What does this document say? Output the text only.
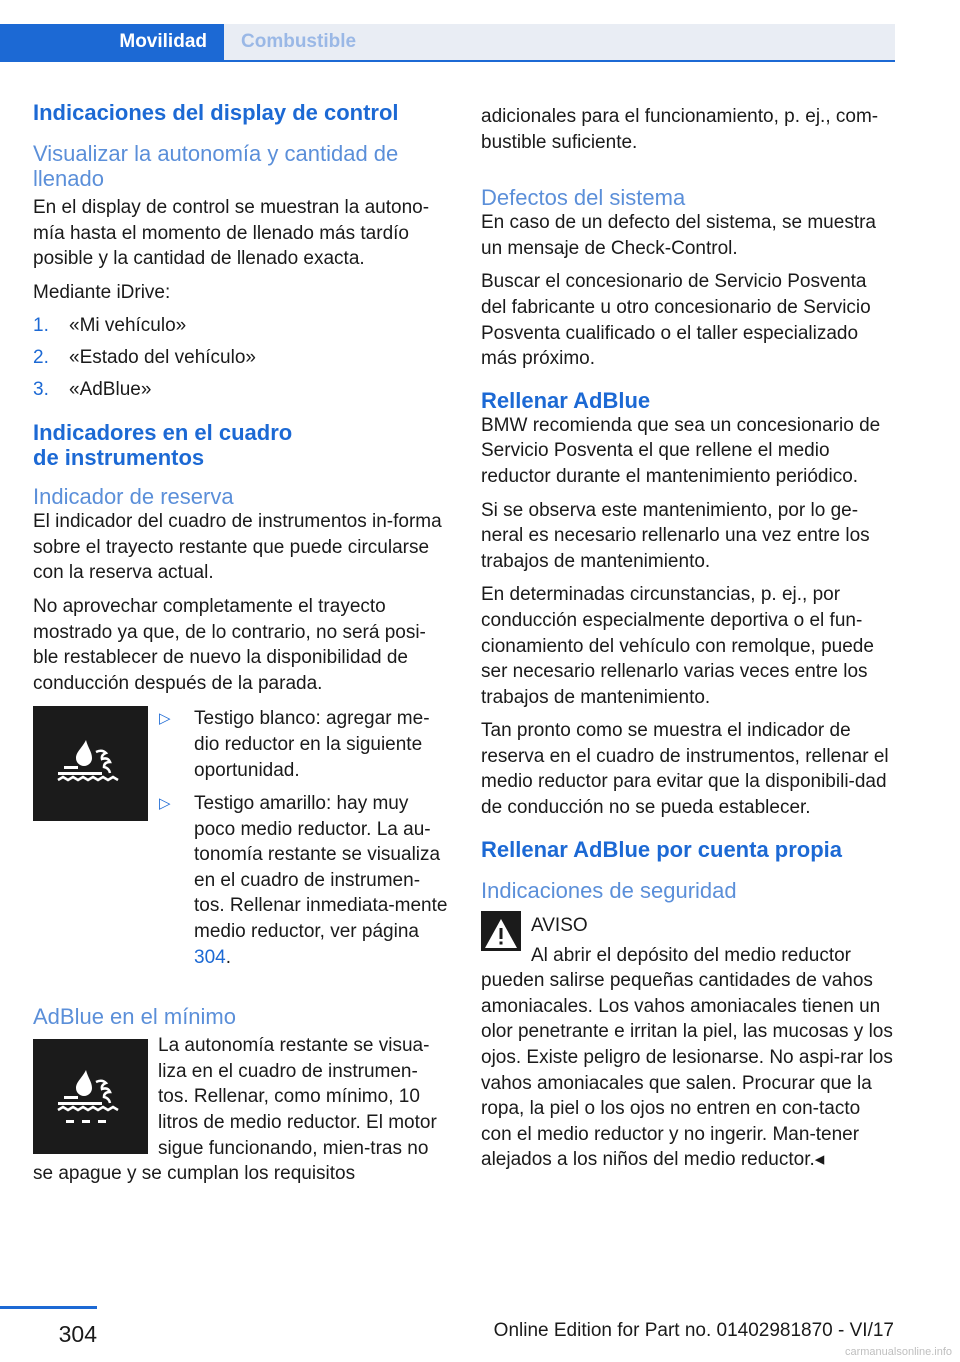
Movilidad	Combustible
Indicaciones del display de control
Visualizar la autonomía y cantidad de llenado

En el display de control se muestran la autono-mía hasta el momento de llenado más tardío posible y la cantidad de llenado exacta.

Mediante iDrive:

1.	«Mi vehículo»
2.	«Estado del vehículo»
3.	«AdBlue»
Indicadores en el cuadro
de instrumentos
Indicador de reserva

El indicador del cuadro de instrumentos in-forma sobre el trayecto restante que puede circularse con la reserva actual.

No aprovechar completamente el trayecto mostrado ya que, de lo contrario, no será posi-ble restablecer de nuevo la disponibilidad de conducción después de la parada.

▷	Testigo blanco: agregar me-dio reductor en la siguiente oportunidad.
▷	Testigo amarillo: hay muy poco medio reductor. La au-tonomía restante se visualiza en el cuadro de instrumen-tos. Rellenar inmediata-mente medio reductor, ver página 304.
AdBlue en el mínimo

La autonomía restante se visua-liza en el cuadro de instrumen-tos. Rellenar, como mínimo, 10 litros de medio reductor. El motor sigue funcionando, mien-tras no se apague y se cumplan los requisitos

adicionales para el funcionamiento, p. ej., com-bustible suficiente.

Defectos del sistema

En caso de un defecto del sistema, se muestra un mensaje de Check-Control.

Buscar el concesionario de Servicio Posventa del fabricante u otro concesionario de Servicio Posventa cualificado o el taller especializado más próximo.

Rellenar AdBlue

BMW recomienda que sea un concesionario de Servicio Posventa el que rellene el medio reductor durante el mantenimiento periódico.

Si se observa este mantenimiento, por lo ge-neral es necesario rellenarlo una vez entre los trabajos de mantenimiento.

En determinadas circunstancias, p. ej., por conducción especialmente deportiva o el fun-cionamiento del vehículo con remolque, puede ser necesario rellenarlo varias veces entre los trabajos de mantenimiento.

Tan pronto como se muestra el indicador de reserva en el cuadro de instrumentos, rellenar el medio reductor para evitar que la disponibili-dad de conducción no se pueda establecer.

Rellenar AdBlue por cuenta propia
Indicaciones de seguridad
AVISO

Al abrir el depósito del medio reductor pueden salirse pequeñas cantidades de vahos amoniacales. Los vahos amoniacales tienen un olor penetrante e irritan la piel, las mucosas y los ojos. Existe peligro de lesionarse. No aspi-rar los vahos amoniacales que salen. Procurar que la ropa, la piel o los ojos no entren en con-tacto con el medio reductor y no ingerir. Man-tener alejados a los niños del medio reductor.◂

304	Online Edition for Part no. 01402981870 - VI/17
carmanualsonline.info
